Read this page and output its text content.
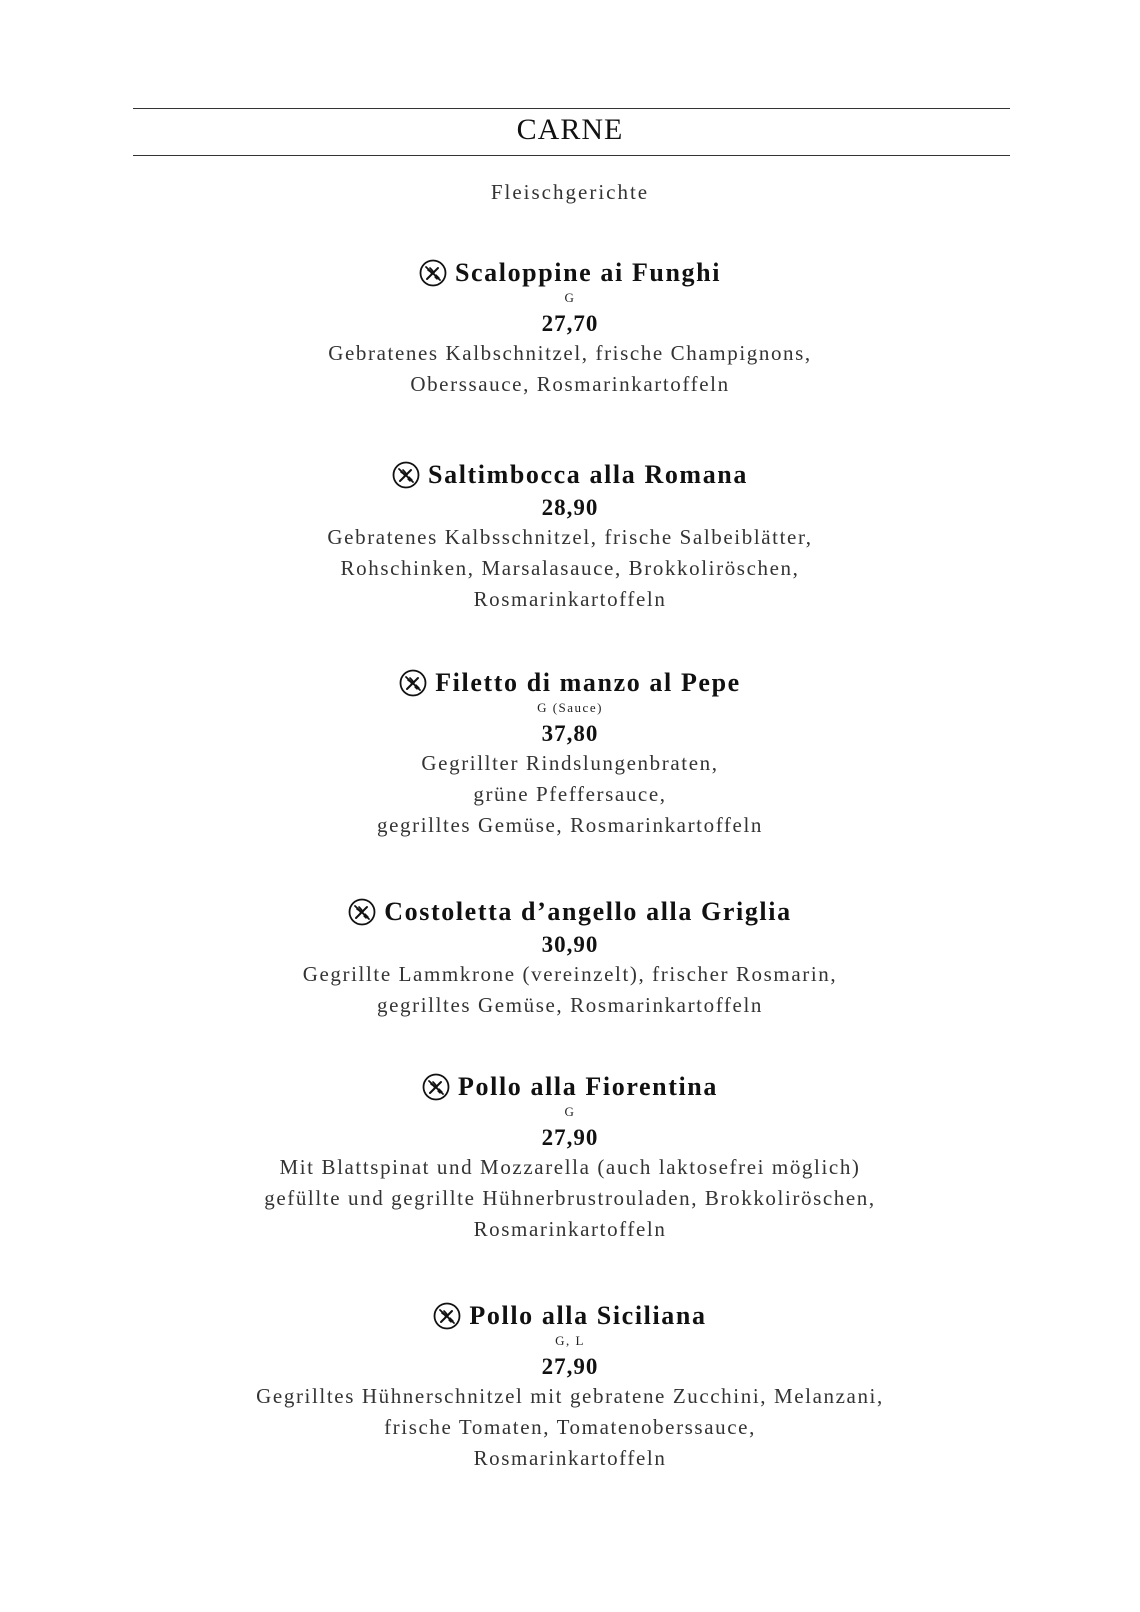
CARNE
Fleischgerichte
Scaloppine ai Funghi
G
27,70
Gebratenes Kalbschnitzel, frische Champignons,
Oberssauce, Rosmarinkartoffeln
Saltimbocca alla Romana
28,90
Gebratenes Kalbsschnitzel, frische Salbeiblätter,
Rohschinken, Marsalasauce, Brokkoliröschen,
Rosmarinkartoffeln
Filetto di manzo al Pepe
G (Sauce)
37,80
Gegrillter Rindslungenbraten,
grüne Pfeffersauce,
gegrilltes Gemüse, Rosmarinkartoffeln
Costoletta d’angello alla Griglia
30,90
Gegrillte Lammkrone (vereinzelt), frischer Rosmarin,
gegrilltes Gemüse, Rosmarinkartoffeln
Pollo alla Fiorentina
G
27,90
Mit Blattspinat und Mozzarella (auch laktosefrei möglich)
gefüllte und gegrillte Hühnerbrustrouladen, Brokkoliröschen,
Rosmarinkartoffeln
Pollo alla Siciliana
G, L
27,90
Gegrilltes Hühnerschnitzel mit gebratene Zucchini, Melanzani,
frische Tomaten, Tomatenoberssauce,
Rosmarinkartoffeln
